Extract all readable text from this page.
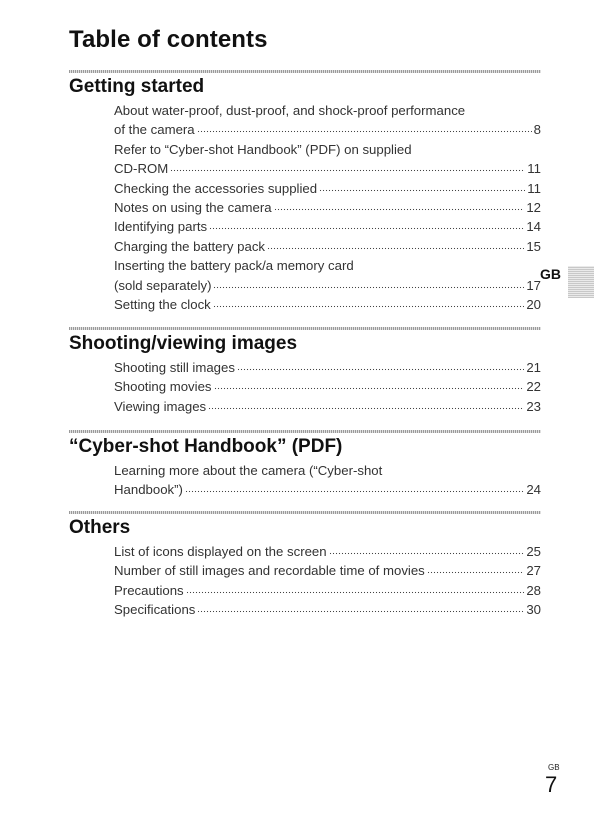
Table of contents
Getting started
About water-proof, dust-proof, and shock-proof performance
of the camera	8
Refer to “Cyber-shot Handbook” (PDF) on supplied
CD-ROM	11
Checking the accessories supplied	11
Notes on using the camera	12
Identifying parts	14
Charging the battery pack	15
Inserting the battery pack/a memory card
(sold separately)	17
Setting the clock	20
Shooting/viewing images
Shooting still images	21
Shooting movies	22
Viewing images	23
“Cyber-shot Handbook” (PDF)
Learning more about the camera (“Cyber-shot
Handbook”)	24
Others
List of icons displayed on the screen	25
Number of still images and recordable time of movies	27
Precautions	28
Specifications	30
GB
GB
7
